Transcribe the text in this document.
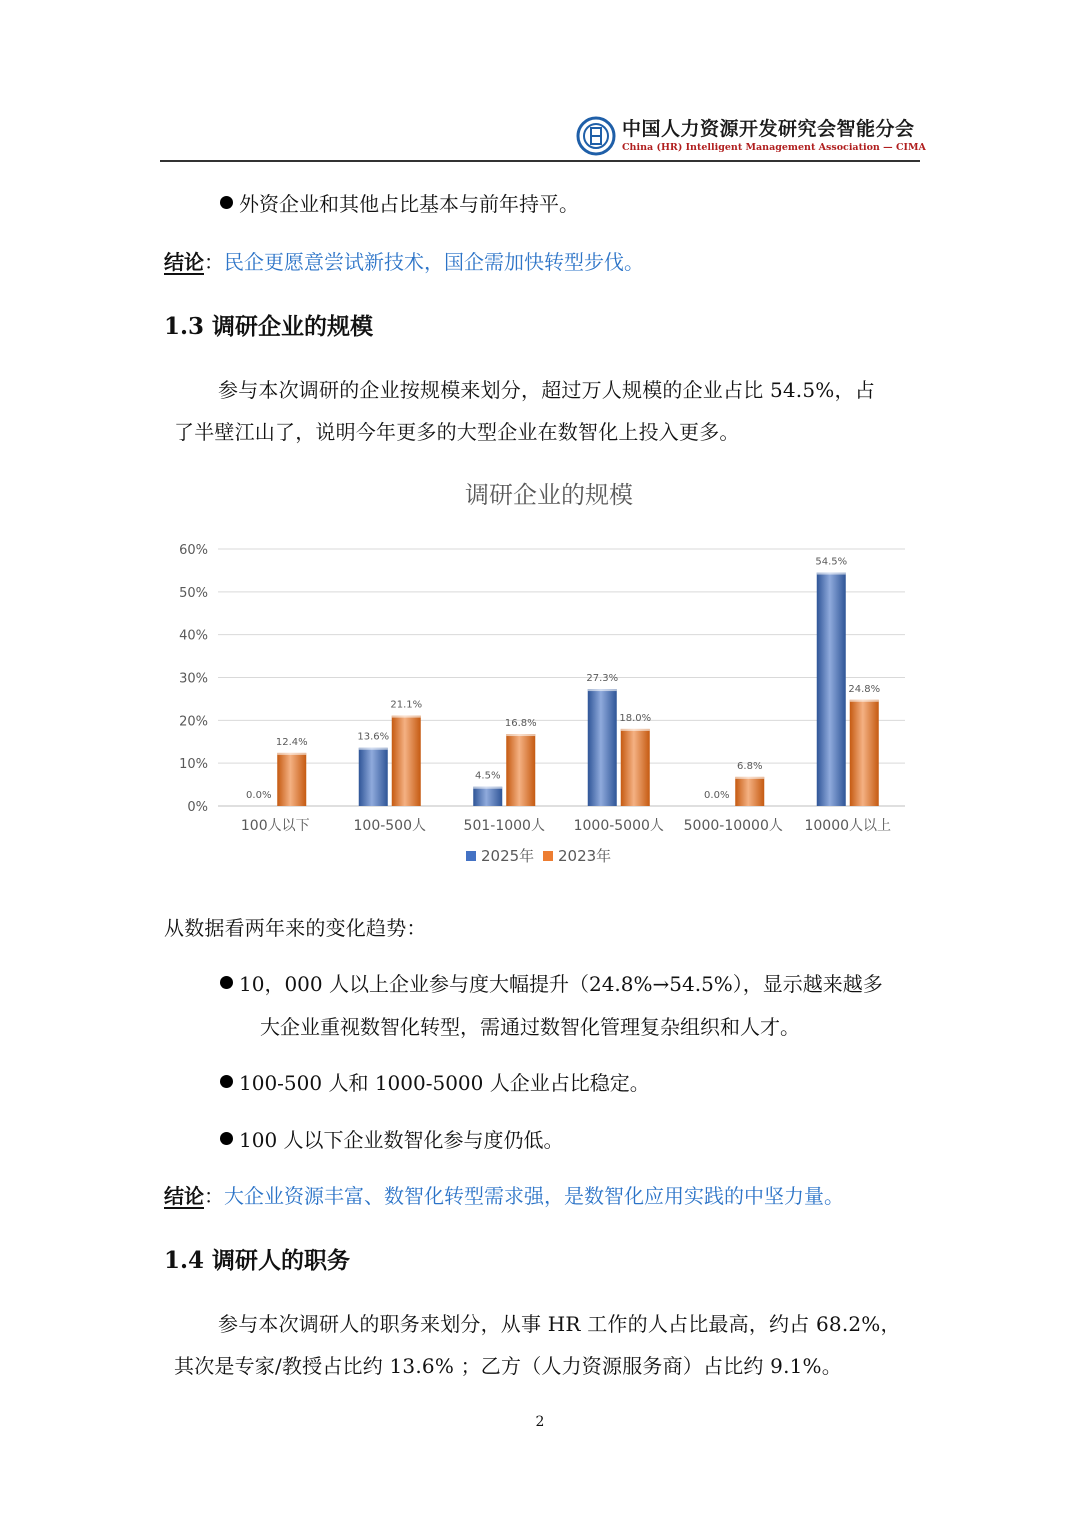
中国人力资源开发研究会智能分会
China (HR) Intelligent Management Association — CIMA
外资企业和其他占比基本与前年持平。
结论：民企更愿意尝试新技术，国企需加快转型步伐。
1.3 调研企业的规模
参与本次调研的企业按规模来划分，超过万人规模的企业占比 54.5%，占
了半壁江山了，说明今年更多的大型企业在数智化上投入更多。
调研企业的规模
0%
10%
20%
30%
40%
50%
60%
0.0%
12.4%	13.6%
21.1%
4.5%
16.8%
27.3%
18.0%
0.0%
6.8%
54.5%
24.8%
100人以下	100-500人	501-1000人 1000-5000人 5000-10000人 10000人以上
2025年 2023年
从数据看两年来的变化趋势：
10，000 人以上企业参与度大幅提升（24.8%→54.5%），显示越来越多
大企业重视数智化转型，需通过数智化管理复杂组织和人才。
100-500 人和 1000-5000 人企业占比稳定。
100 人以下企业数智化参与度仍低。
结论：大企业资源丰富、数智化转型需求强，是数智化应用实践的中坚力量。
1.4 调研人的职务
参与本次调研人的职务来划分，从事 HR 工作的人占比最高，约占 68.2%，
其次是专家/教授占比约 13.6% ；乙方（人力资源服务商）占比约 9.1%。
2
